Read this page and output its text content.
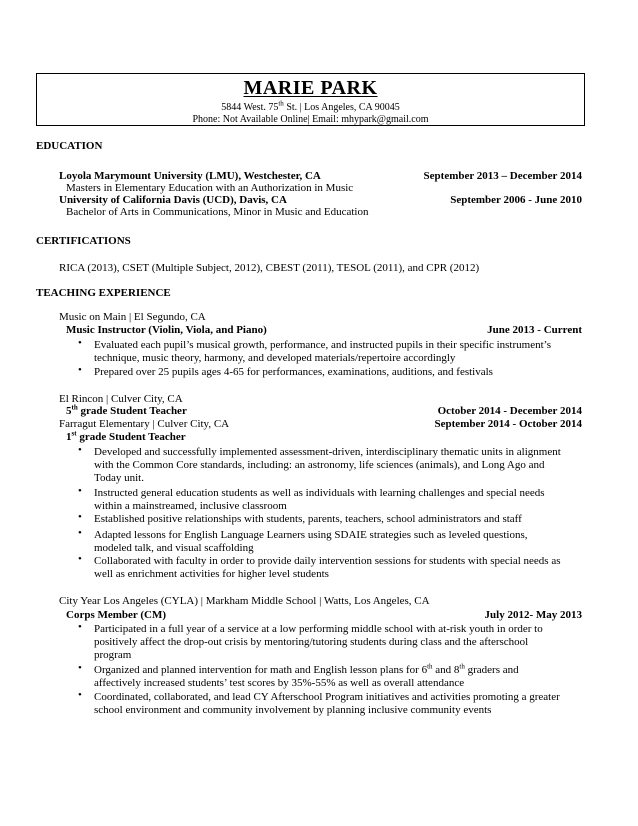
MARIE PARK
5844 West. 75th St. | Los Angeles, CA 90045
Phone: Not Available Online| Email: mhypark@gmail.com
EDUCATION
Loyola Marymount University (LMU), Westchester, CA	September 2013 – December 2014
Masters in Elementary Education with an Authorization in Music
University of California Davis (UCD), Davis, CA	September 2006 - June 2010
Bachelor of Arts in Communications, Minor in Music and Education
CERTIFICATIONS
RICA (2013), CSET (Multiple Subject, 2012), CBEST (2011), TESOL (2011), and CPR (2012)
TEACHING EXPERIENCE
Music on Main | El Segundo, CA
Music Instructor (Violin, Viola, and Piano)	June 2013 - Current
• Evaluated each pupil’s musical growth, performance, and instructed pupils in their specific instrument’s
technique, music theory, harmony, and developed materials/repertoire accordingly
• Prepared over 25 pupils ages 4-65 for performances, examinations, auditions, and festivals
El Rincon | Culver City, CA
5th grade Student Teacher	October 2014 - December 2014
Farragut Elementary | Culver City, CA	September 2014 - October 2014
1st grade Student Teacher
• Developed and successfully implemented assessment-driven, interdisciplinary thematic units in alignment
with the Common Core standards, including: an astronomy, life sciences (animals), and Long Ago and
Today unit.
• Instructed general education students as well as individuals with learning challenges and special needs
within a mainstreamed, inclusive classroom
• Established positive relationships with students, parents, teachers, school administrators and staff
• Adapted lessons for English Language Learners using SDAIE strategies such as leveled questions,
modeled talk, and visual scaffolding
• Collaborated with faculty in order to provide daily intervention sessions for students with special needs as
well as enrichment activities for higher level students
City Year Los Angeles (CYLA) | Markham Middle School | Watts, Los Angeles, CA
Corps Member (CM)	July 2012- May 2013
• Participated in a full year of a service at a low performing middle school with at-risk youth in order to
positively affect the drop-out crisis by mentoring/tutoring students during class and the afterschool
program
• Organized and planned intervention for math and English lesson plans for 6th and 8th graders and
affectively increased students’ test scores by 35%-55% as well as overall attendance
• Coordinated, collaborated, and lead CY Afterschool Program initiatives and activities promoting a greater
school environment and community involvement by planning inclusive community events
